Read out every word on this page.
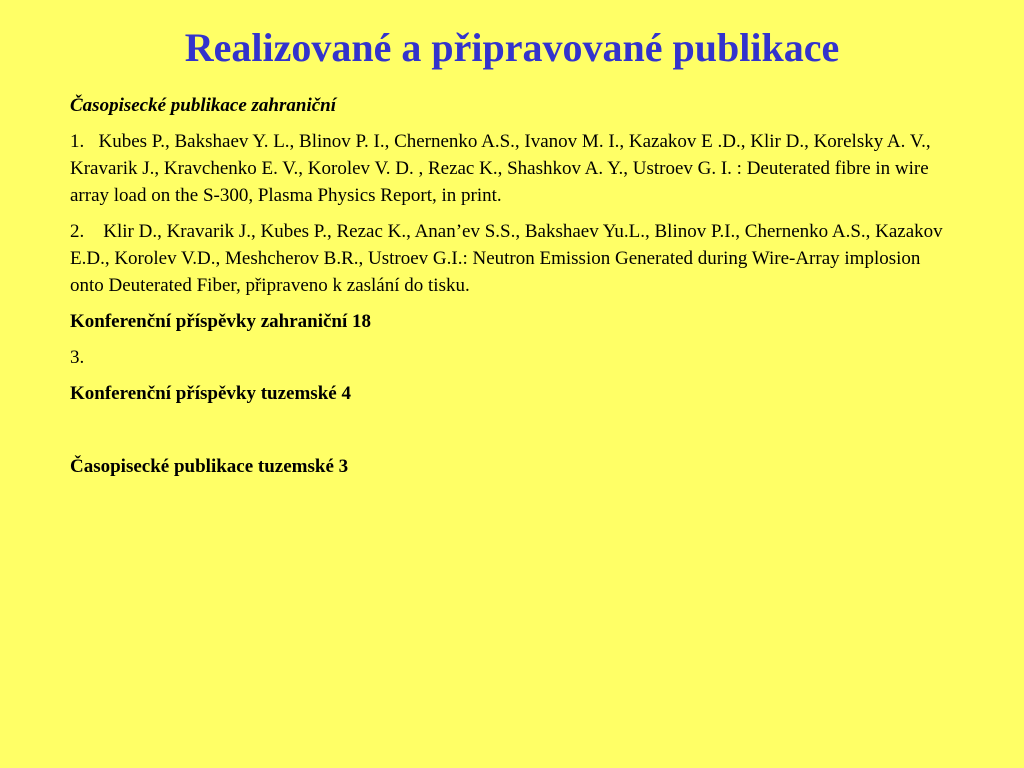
Realizované a připravované publikace
Časopisecké publikace zahraniční
1. Kubes P., Bakshaev Y. L., Blinov P. I., Chernenko A.S., Ivanov M. I., Kazakov E .D., Klir D., Korelsky A. V., Kravarik J., Kravchenko E. V., Korolev V. D. , Rezac K., Shashkov A. Y., Ustroev G. I. : Deuterated fibre in wire array load on the S-300, Plasma Physics Report, in print.
2. Klir D., Kravarik J., Kubes P., Rezac K., Anan’ev S.S., Bakshaev Yu.L., Blinov P.I., Chernenko A.S., Kazakov E.D., Korolev V.D., Meshcherov B.R., Ustroev G.I.: Neutron Emission Generated during Wire-Array implosion onto Deuterated Fiber, připraveno k zaslání do tisku.
Konferenční příspěvky zahraniční 18
3.
Konferenční příspěvky tuzemské 4
Časopisecké publikace tuzemské 3
